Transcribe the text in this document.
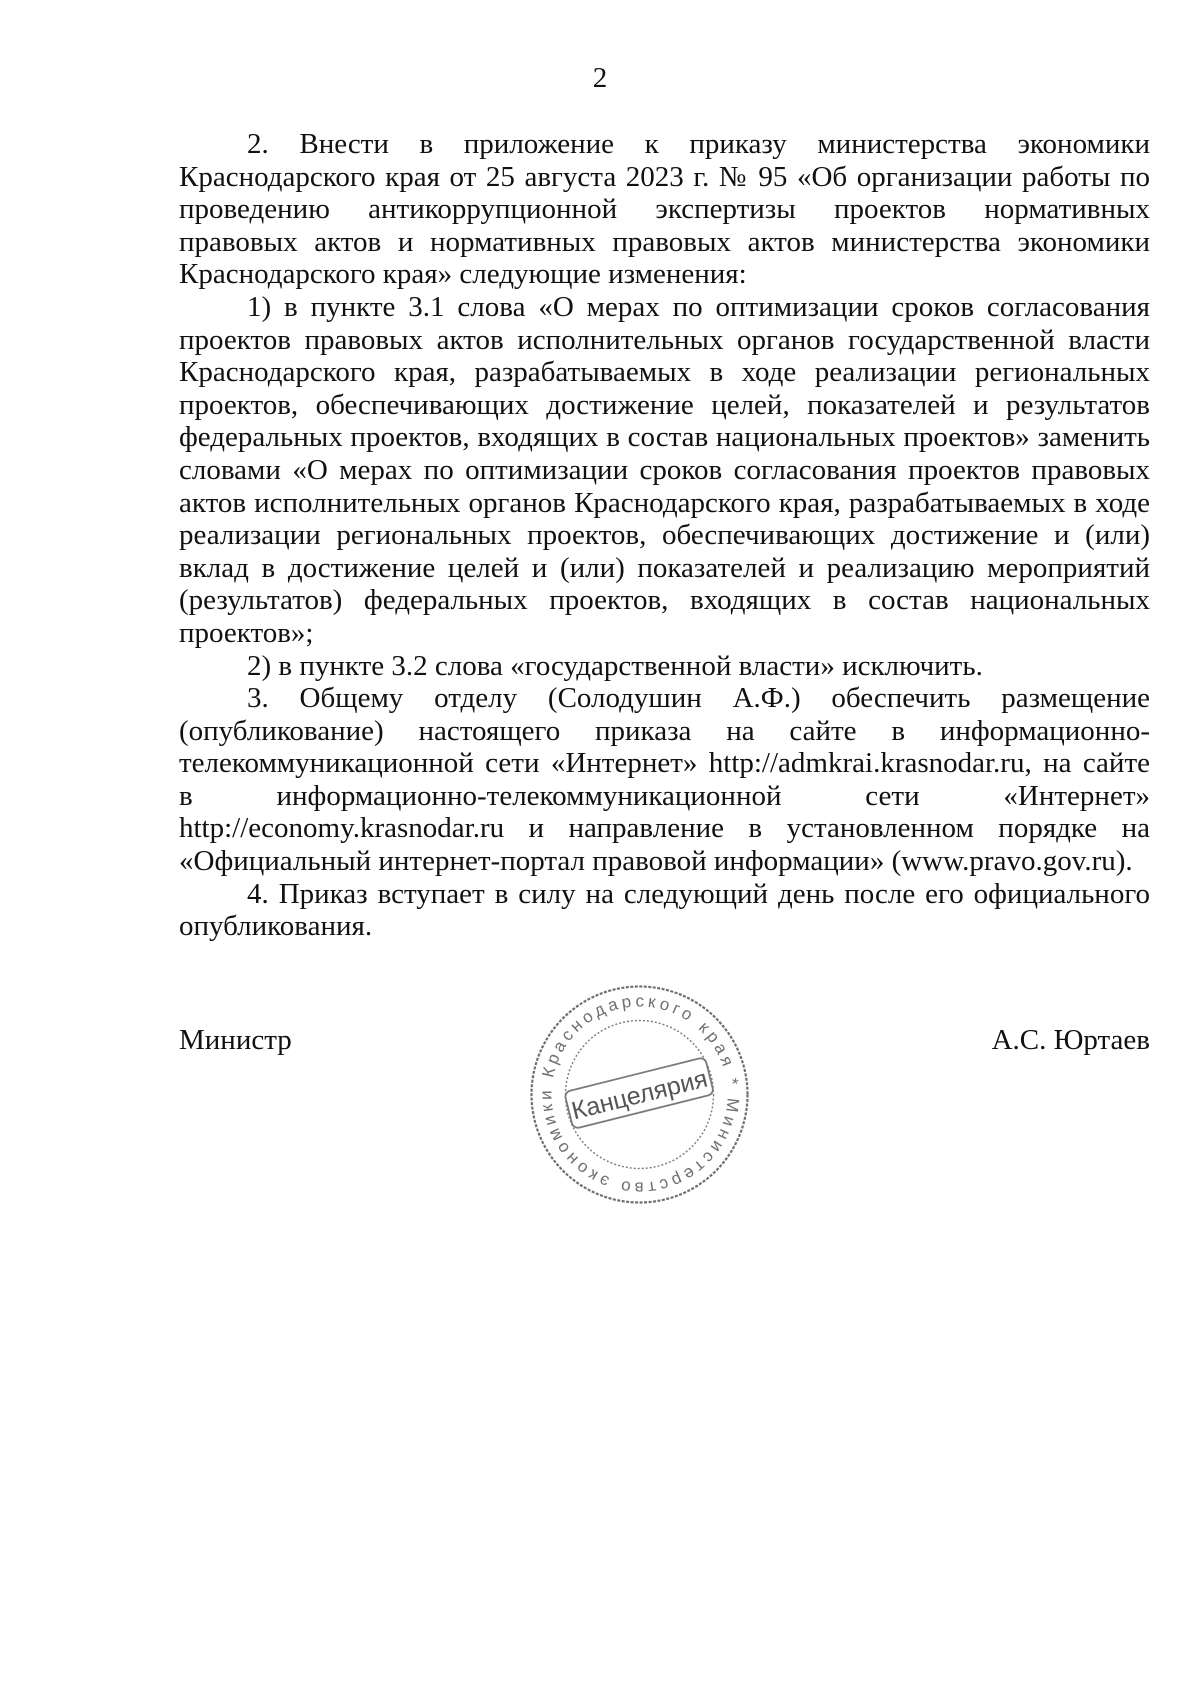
2

2. Внести в приложение к приказу министерства экономики Краснодарского края от 25 августа 2023 г. № 95 «Об организации работы по проведению антикоррупционной экспертизы проектов нормативных правовых актов и нормативных правовых актов министерства экономики Краснодарского края» следующие изменения:

1) в пункте 3.1 слова «О мерах по оптимизации сроков согласования проектов правовых актов исполнительных органов государственной власти Краснодарского края, разрабатываемых в ходе реализации региональных проектов, обеспечивающих достижение целей, показателей и результатов федеральных проектов, входящих в состав национальных проектов» заменить словами «О мерах по оптимизации сроков согласования проектов правовых актов исполнительных органов Краснодарского края, разрабатываемых в ходе реализации региональных проектов, обеспечивающих достижение и (или) вклад в достижение целей и (или) показателей и реализацию мероприятий (результатов) федеральных проектов, входящих в состав национальных проектов»;

2) в пункте 3.2 слова «государственной власти» исключить.

3. Общему отделу (Солодушин А.Ф.) обеспечить размещение (опубликование) настоящего приказа на сайте в информационно-телекоммуникационной сети «Интернет» http://admkrai.krasnodar.ru, на сайте в информационно-телекоммуникационной сети «Интернет» http://economy.krasnodar.ru и направление в установленном порядке на «Официальный интернет-портал правовой информации» (www.pravo.gov.ru).

4. Приказ вступает в силу на следующий день после его официального опубликования.

Министр	А.С. Юртаев
Министерство экономики Краснодарского края *
Канцелярия
